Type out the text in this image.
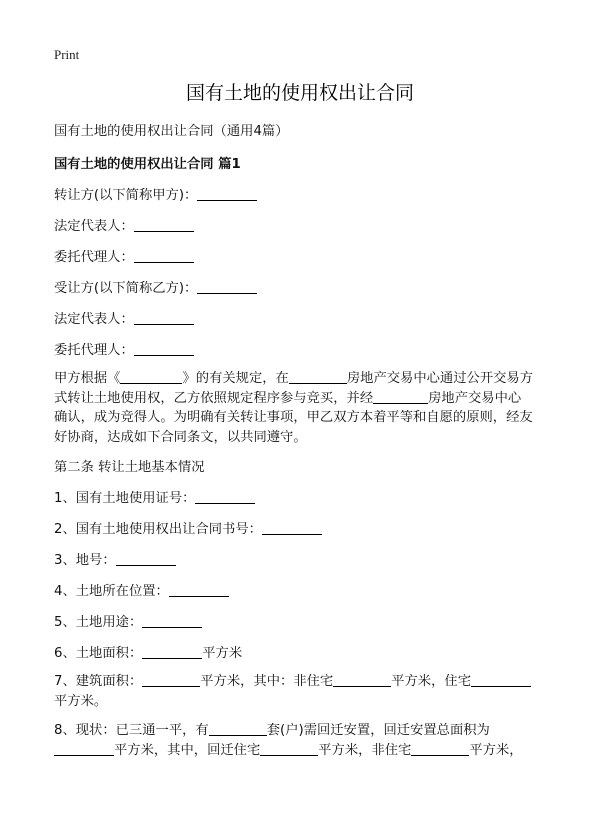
Print
国有土地的使用权出让合同
国有土地的使用权出让合同（通用4篇）
国有土地的使用权出让合同 篇1
转让方(以下简称甲方)：
法定代表人：
委托代理人：
受让方(以下简称乙方)：
法定代表人：
委托代理人：
甲方根据《	》的有关规定，在	房地产交易中心通过公开交易方
式转让土地使用权，乙方依照规定程序参与竞买，并经	房地产交易中心
确认，成为竞得人。为明确有关转让事项，甲乙双方本着平等和自愿的原则，经友
好协商，达成如下合同条文，以共同遵守。
第二条 转让土地基本情况
1、国有土地使用证号：
2、国有土地使用权出让合同书号：
3、地号：
4、土地所在位置：
5、土地用途：
6、土地面积：	平方米
7、建筑面积：	平方米，其中：非住宅	平方米，住宅
平方米。
8、现状：已三通一平，有	套(户)需回迁安置，回迁安置总面积为
平方米，其中，回迁住宅	平方米，非住宅	平方米，
